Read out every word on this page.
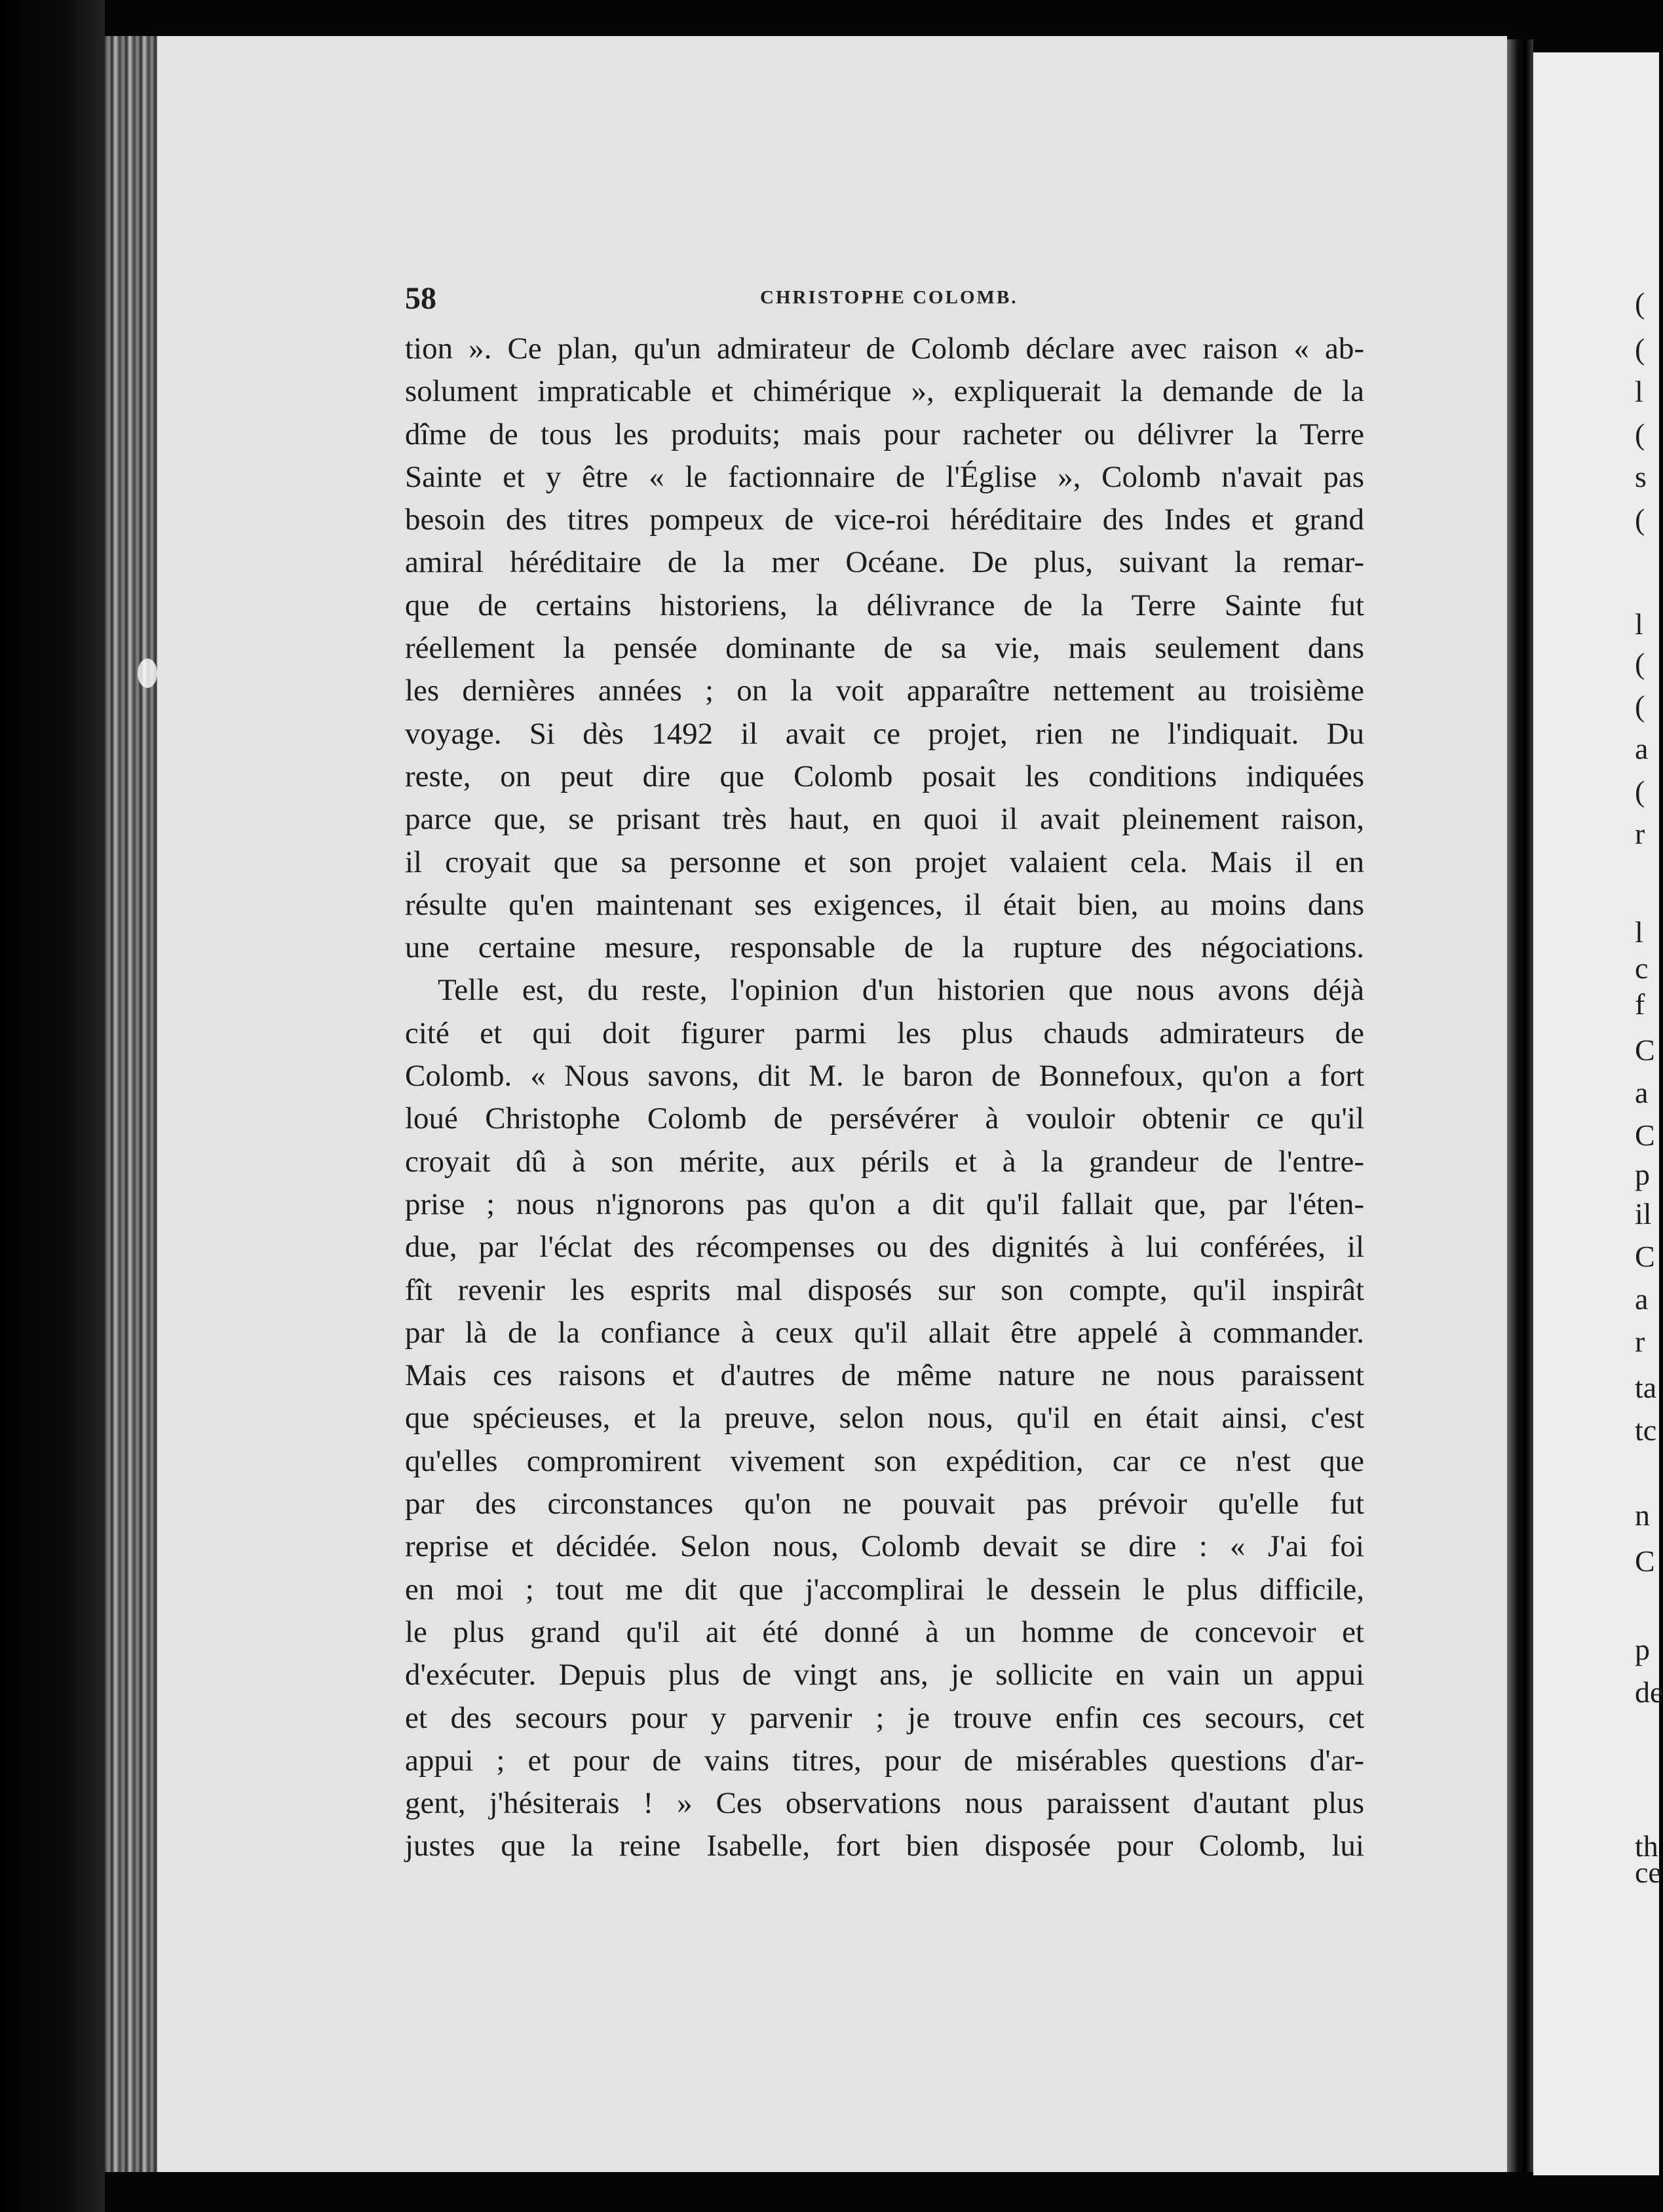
(
(
l
(
s
(
l
(
(
a
(
r
l
c
f
C
a
C
p
il
C
a
r
ta
tc
n
C
p
de
th
ce
58	CHRISTOPHE COLOMB.
tion ». Ce plan, qu'un admirateur de Colomb déclare avec raison « ab-
solument impraticable et chimérique », expliquerait la demande de la
dîme de tous les produits; mais pour racheter ou délivrer la Terre
Sainte et y être « le factionnaire de l'Église », Colomb n'avait pas
besoin des titres pompeux de vice-roi héréditaire des Indes et grand
amiral héréditaire de la mer Océane. De plus, suivant la remar-
que de certains historiens, la délivrance de la Terre Sainte fut
réellement la pensée dominante de sa vie, mais seulement dans
les dernières années ; on la voit apparaître nettement au troisième
voyage. Si dès 1492 il avait ce projet, rien ne l'indiquait. Du
reste, on peut dire que Colomb posait les conditions indiquées
parce que, se prisant très haut, en quoi il avait pleinement raison,
il croyait que sa personne et son projet valaient cela. Mais il en
résulte qu'en maintenant ses exigences, il était bien, au moins dans
une certaine mesure, responsable de la rupture des négociations.
Telle est, du reste, l'opinion d'un historien que nous avons déjà
cité et qui doit figurer parmi les plus chauds admirateurs de
Colomb. « Nous savons, dit M. le baron de Bonnefoux, qu'on a fort
loué Christophe Colomb de persévérer à vouloir obtenir ce qu'il
croyait dû à son mérite, aux périls et à la grandeur de l'entre-
prise ; nous n'ignorons pas qu'on a dit qu'il fallait que, par l'éten-
due, par l'éclat des récompenses ou des dignités à lui conférées, il
fît revenir les esprits mal disposés sur son compte, qu'il inspirât
par là de la confiance à ceux qu'il allait être appelé à commander.
Mais ces raisons et d'autres de même nature ne nous paraissent
que spécieuses, et la preuve, selon nous, qu'il en était ainsi, c'est
qu'elles compromirent vivement son expédition, car ce n'est que
par des circonstances qu'on ne pouvait pas prévoir qu'elle fut
reprise et décidée. Selon nous, Colomb devait se dire : « J'ai foi
en moi ; tout me dit que j'accomplirai le dessein le plus difficile,
le plus grand qu'il ait été donné à un homme de concevoir et
d'exécuter. Depuis plus de vingt ans, je sollicite en vain un appui
et des secours pour y parvenir ; je trouve enfin ces secours, cet
appui ; et pour de vains titres, pour de misérables questions d'ar-
gent, j'hésiterais ! » Ces observations nous paraissent d'autant plus
justes que la reine Isabelle, fort bien disposée pour Colomb, lui
